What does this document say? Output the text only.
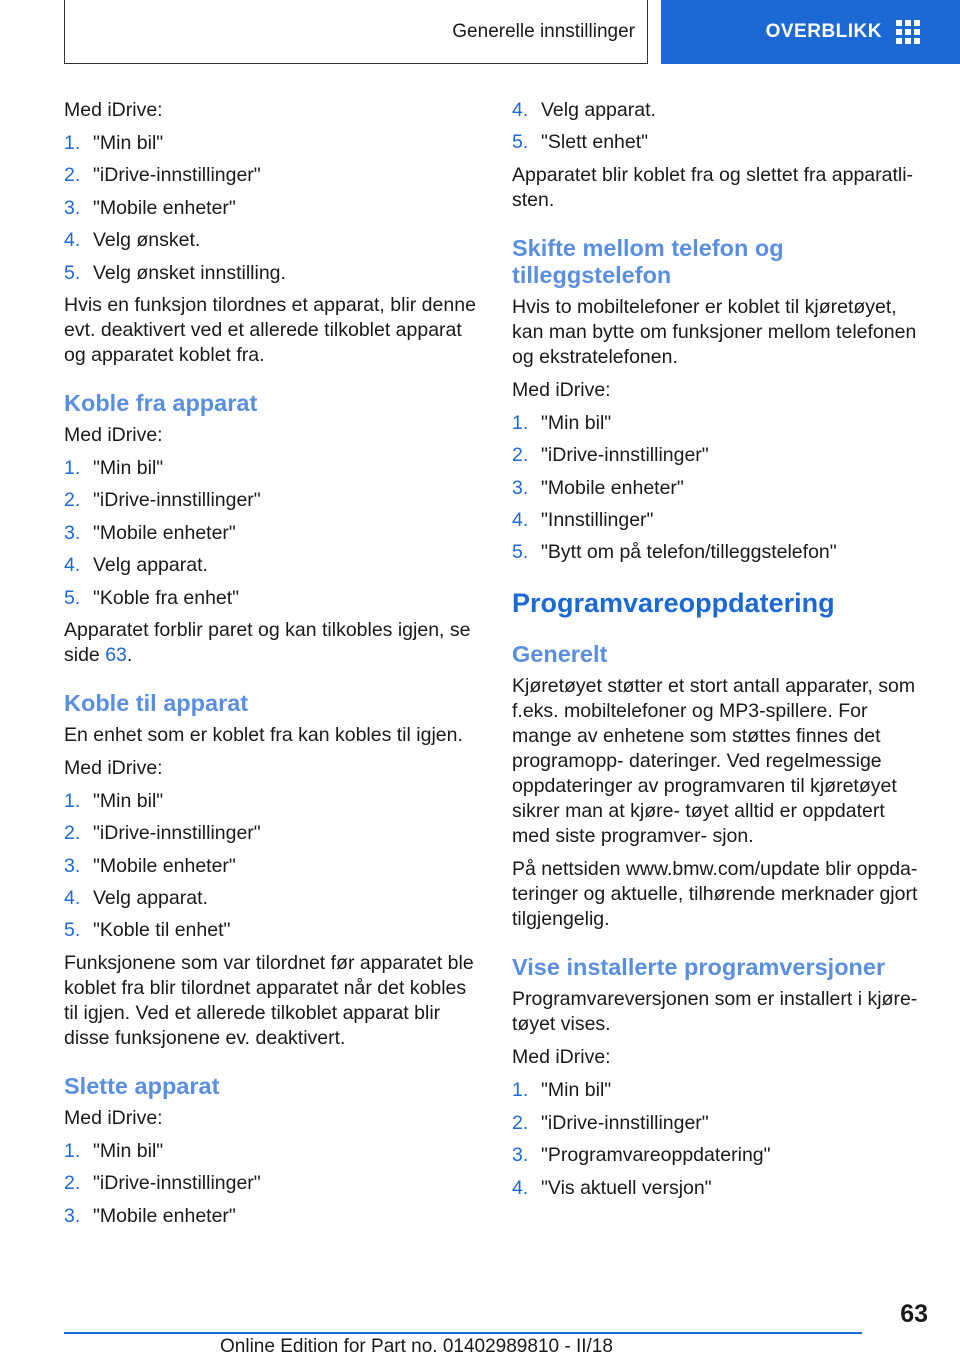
Generelle innstillinger	OVERBLIKK

Med iDrive:

1. "Min bil"
2. "iDrive-innstillinger"
3. "Mobile enheter"
4. Velg ønsket.
5. Velg ønsket innstilling.

Hvis en funksjon tilordnes et apparat, blir denne evt. deaktivert ved et allerede tilkoblet apparat og apparatet koblet fra.

Koble fra apparat

Med iDrive:

1. "Min bil"
2. "iDrive-innstillinger"
3. "Mobile enheter"
4. Velg apparat.
5. "Koble fra enhet"

Apparatet forblir paret og kan tilkobles igjen, se side 63.

Koble til apparat

En enhet som er koblet fra kan kobles til igjen.

Med iDrive:

1. "Min bil"
2. "iDrive-innstillinger"
3. "Mobile enheter"
4. Velg apparat.
5. "Koble til enhet"

Funksjonene som var tilordnet før apparatet ble koblet fra blir tilordnet apparatet når det kobles til igjen. Ved et allerede tilkoblet apparat blir disse funksjonene ev. deaktivert.

Slette apparat

Med iDrive:

1. "Min bil"
2. "iDrive-innstillinger"
3. "Mobile enheter"
4. Velg apparat.
5. "Slett enhet"

Apparatet blir koblet fra og slettet fra apparatli‐ sten.

Skifte mellom telefon og tilleggstelefon

Hvis to mobiltelefoner er koblet til kjøretøyet, kan man bytte om funksjoner mellom telefonen og ekstratelefonen.

Med iDrive:

1. "Min bil"
2. "iDrive-innstillinger"
3. "Mobile enheter"
4. "Innstillinger"
5. "Bytt om på telefon/tilleggstelefon"
Programvareoppdatering
Generelt

Kjøretøyet støtter et stort antall apparater, som f.eks. mobiltelefoner og MP3-spillere. For mange av enhetene som støttes finnes det programopp‐ dateringer. Ved regelmessige oppdateringer av programvaren til kjøretøyet sikrer man at kjøre‐ tøyet alltid er oppdatert med siste programver‐ sjon.

På nettsiden www.bmw.com/update blir oppda‐ teringer og aktuelle, tilhørende merknader gjort tilgjengelig.

Vise installerte programversjoner

Programvareversjonen som er installert i kjøre‐ tøyet vises.

Med iDrive:

1. "Min bil"
2. "iDrive-innstillinger"
3. "Programvareoppdatering"
4. "Vis aktuell versjon"
63
Online Edition for Part no. 01402989810 - II/18
